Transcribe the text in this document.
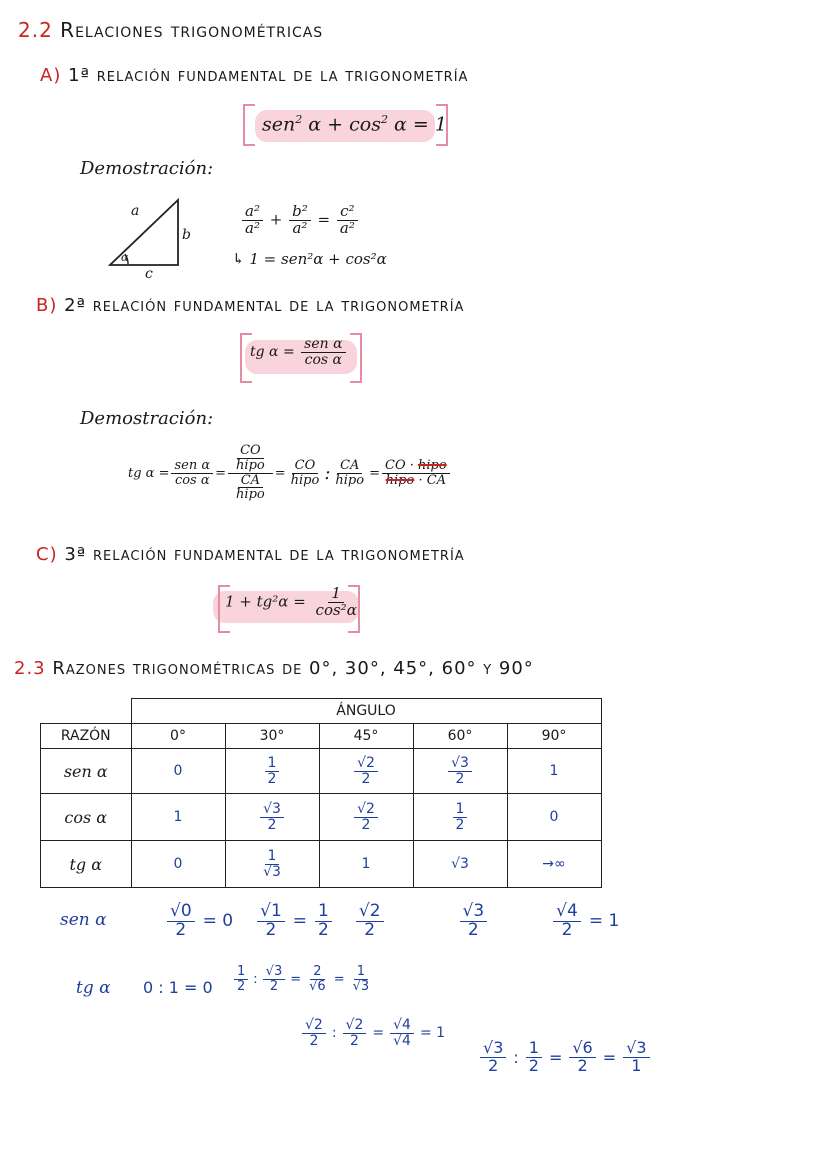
2.2 Relaciones trigonométricas
A) 1ª relación fundamental de la trigonometría
sen$^2$ $\alpha + \cos^2 \alpha = 1$
Demostración:
a
b
c
α
$\frac{\text{a²}}{\text{a²}} + \frac{\text{b²}}{\text{a²}} = \frac{\text{c²}}{\text{a²}}$
↳ 1 = sen²α + cos²α
B) 2ª relación fundamental de la trigonometría
tg $\alpha = \frac{\text{sen α}}{\text{cos α}}$
Demostración:
tg $\alpha = \frac{\text{sen α}}{\text{cos α}} = \frac{\frac{CO}{\text{hipo}}}{\frac{CA}{\text{hipo}}} = \frac{CO}{\text{hipo}}$ : $\frac{CA}{\text{hipo}} = \frac{\text{CO · hipo}}{\text{hipo · CA}}$
C) 3ª relación fundamental de la trigonometría
$1 + tg^2\alpha = \frac{1}{\text{cos²α}}$
2.3 Razones trigonométricas de 0°, 30°, 45°, 60° y 90°
	ÁNGULO				
RAZÓN	0°	30°	45°	60°	90°
sen α	0	$\frac{1}{2}$	$\frac{√2}{2}$	$\frac{√3}{2}$	1
cos α	1	$\frac{√3}{2}$	$\frac{√2}{2}$	$\frac{1}{2}$	0
tg α	0	$\frac{1}{√3}$	1	√3	→∞
sen α	$\frac{√0}{2} = 0 \frac{√1}{2} = \frac{1}{2} \frac{√2}{2}$	$\frac{√3}{2}$	$\frac{√4}{2} = 1$
tg α 0 : $1 = 0 \frac{1}{2}$ : $\frac{√3}{2} = \frac{2}{√6} = \frac{1}{√3}$
$\frac{√2}{2}$ : $\frac{√2}{2} = \frac{√4}{√4} = 1$
$\frac{√3}{2}$ : $\frac{1}{2} = \frac{√6}{2} = \frac{√3}{1}$
